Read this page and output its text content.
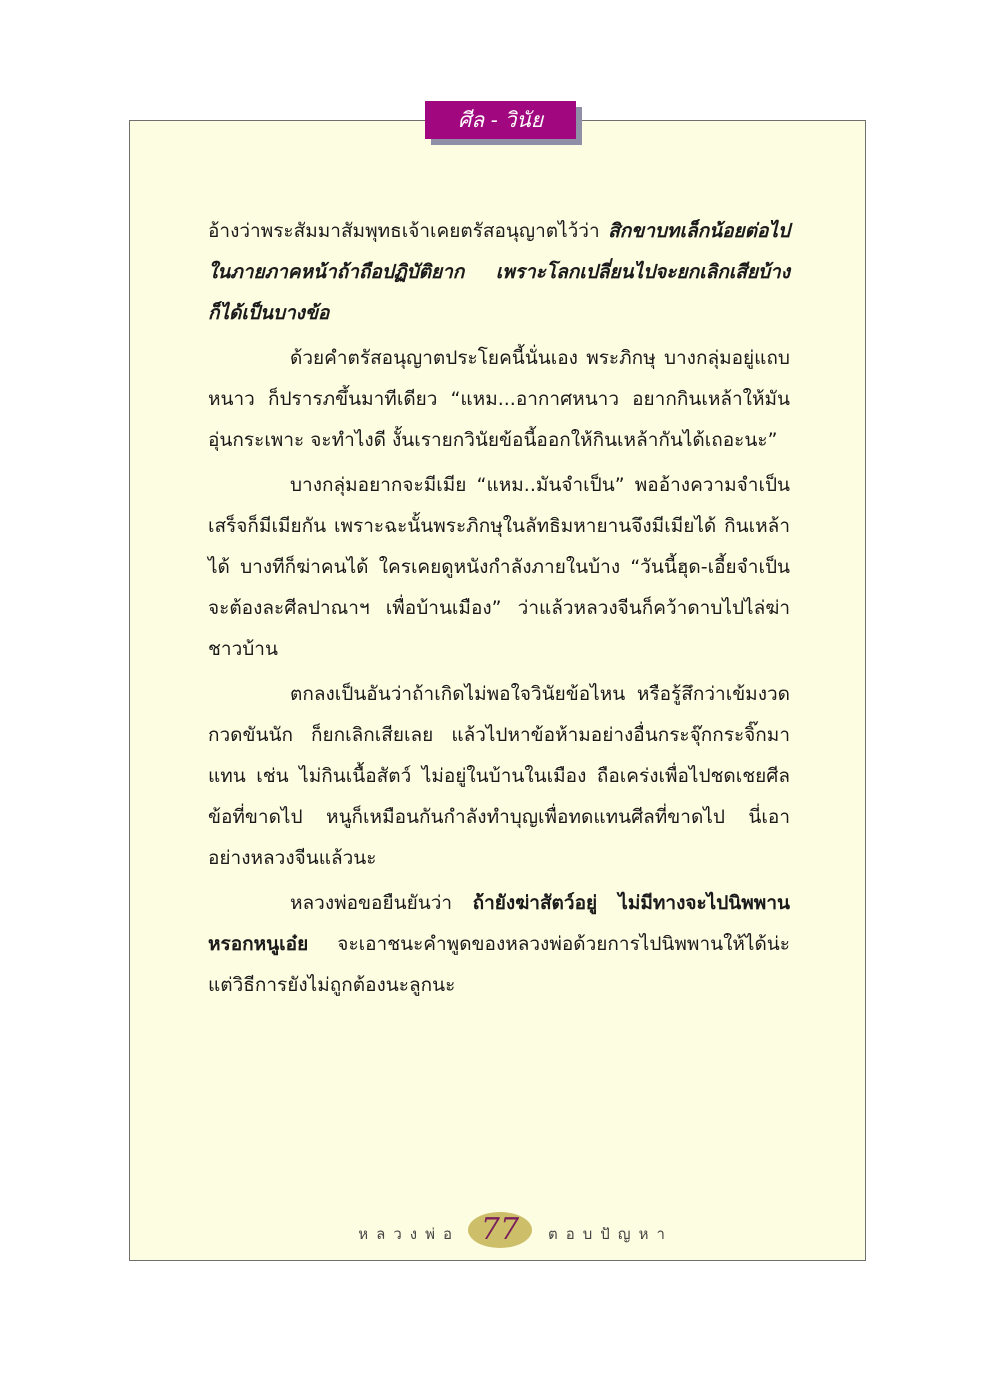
ศีล - วินัย

อ้างว่าพระสัมมาสัมพุทธเจ้าเคยตรัสอนุญาตไว้ว่า สิกขาบทเล็กน้อยต่อไปในภายภาคหน้าถ้าถือปฏิบัติยาก เพราะโลกเปลี่ยนไปจะยกเลิกเสียบ้างก็ได้เป็นบางข้อ

ด้วยคำตรัสอนุญาตประโยคนี้นั่นเอง พระภิกษุ บางกลุ่มอยู่แถบหนาว ก็ปรารภขึ้นมาทีเดียว “แหม...อากาศหนาว อยากกินเหล้าให้มันอุ่นกระเพาะ จะทำไงดี งั้นเรายกวินัยข้อนี้ออกให้กินเหล้ากันได้เถอะนะ”

บางกลุ่มอยากจะมีเมีย “แหม..มันจำเป็น” พออ้างความจำเป็นเสร็จก็มีเมียกัน เพราะฉะนั้นพระภิกษุในลัทธิมหายานจึงมีเมียได้ กินเหล้าได้ บางทีก็ฆ่าคนได้ ใครเคยดูหนังกำลังภายในบ้าง “วันนี้ฮุด-เอี้ยจำเป็นจะต้องละศีลปาณาฯ เพื่อบ้านเมือง” ว่าแล้วหลวงจีนก็คว้าดาบไปไล่ฆ่าชาวบ้าน

ตกลงเป็นอันว่าถ้าเกิดไม่พอใจวินัยข้อไหน หรือรู้สึกว่าเข้มงวดกวดขันนัก ก็ยกเลิกเสียเลย แล้วไปหาข้อห้ามอย่างอื่นกระจุ๊กกระจิ๊กมาแทน เช่น ไม่กินเนื้อสัตว์ ไม่อยู่ในบ้านในเมือง ถือเคร่งเพื่อไปชดเชยศีลข้อที่ขาดไป หนูก็เหมือนกันกำลังทำบุญเพื่อทดแทนศีลที่ขาดไป นี่เอาอย่างหลวงจีนแล้วนะ

หลวงพ่อขอยืนยันว่า ถ้ายังฆ่าสัตว์อยู่ ไม่มีทางจะไปนิพพานหรอกหนูเอ๋ย จะเอาชนะคำพูดของหลวงพ่อด้วยการไปนิพพานให้ได้น่ะ แต่วิธีการยังไม่ถูกต้องนะลูกนะ

หลวงพ่อ 77	ตอบปัญหา
